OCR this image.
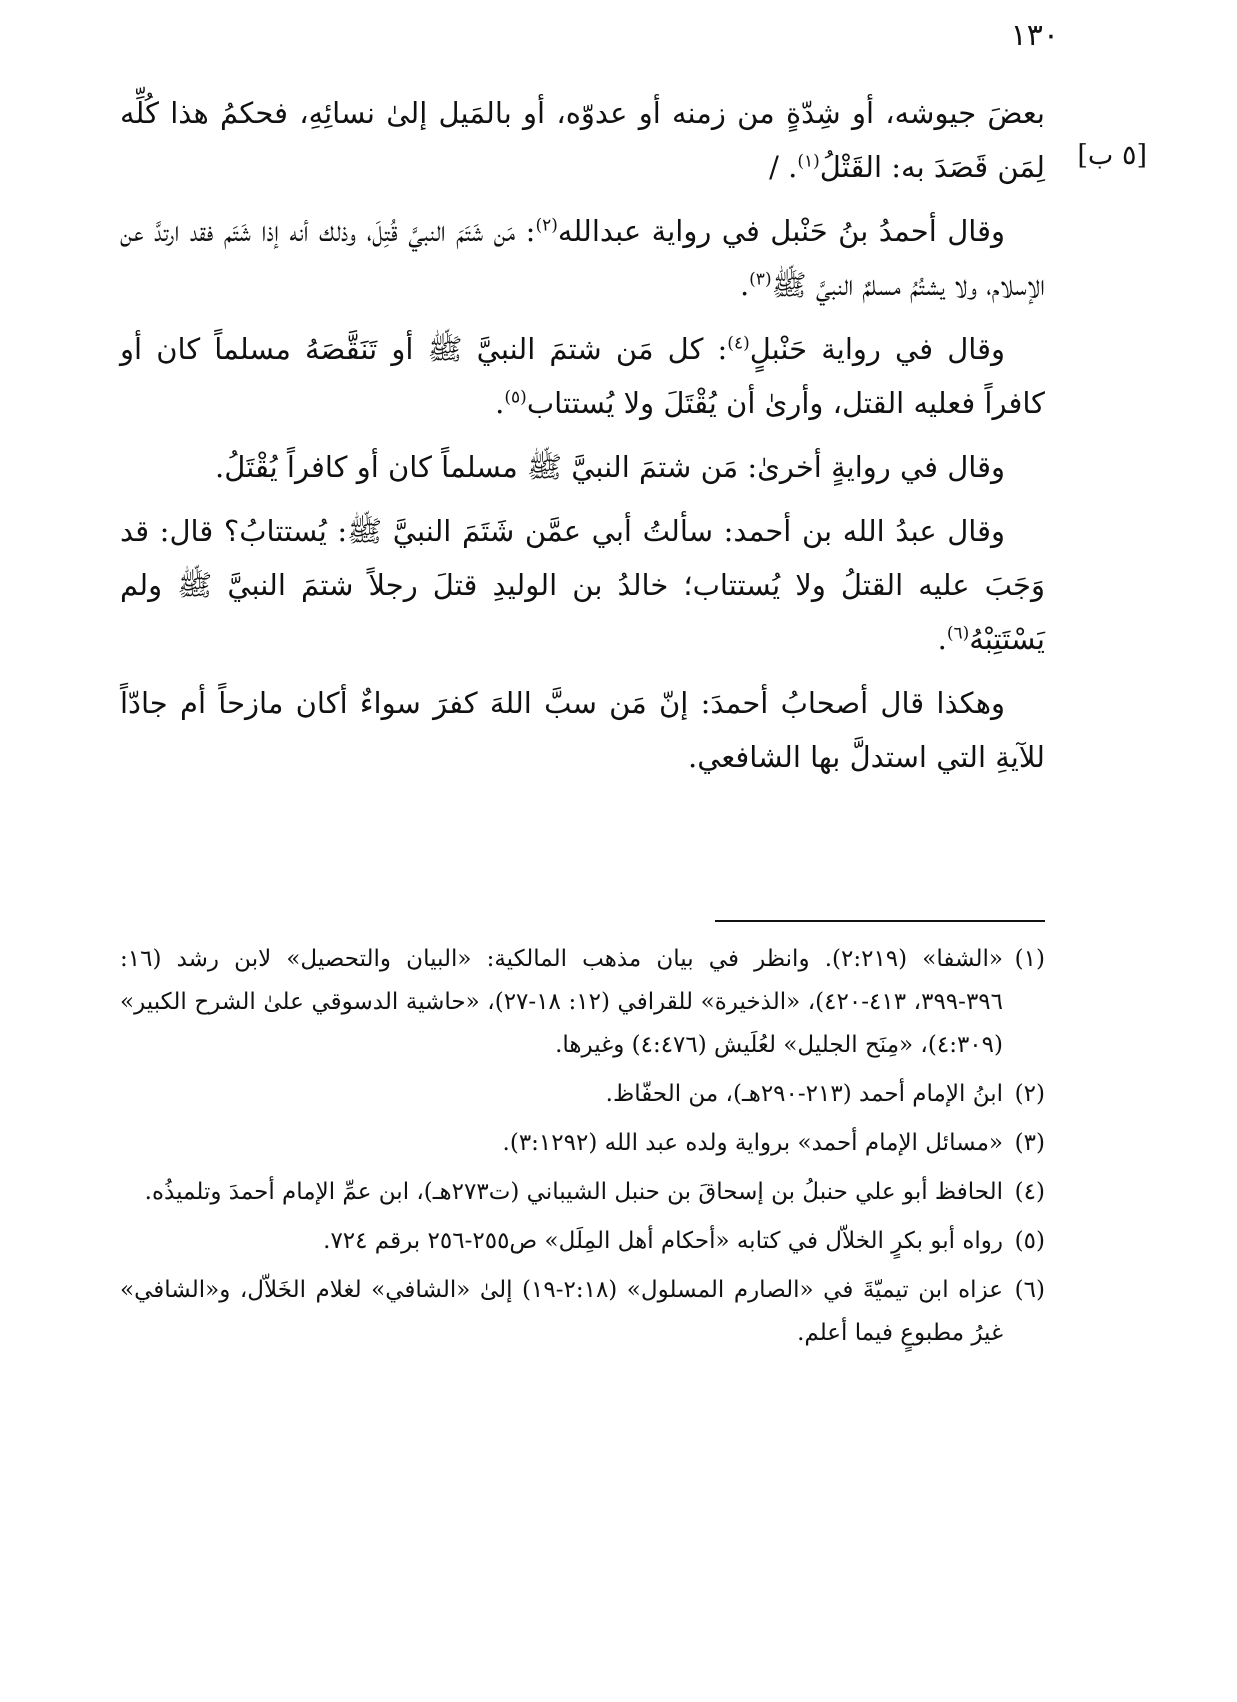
١٣٠
[٥ ب]

بعضَ جيوشه، أو شِدّةٍ من زمنه أو عدوّه، أو بالمَيل إلىٰ نسائِهِ، فحكمُ هذا كُلِّه لِمَن قَصَدَ به: القَتْلُ$^{(١)}$. /

وقال أحمدُ بنُ حَنْبل في رواية عبدالله$^{(٢)}$: مَن شَتَمَ النبيَّ قُتِلَ، وذلك أنه إذا شَتَم فقد ارتدَّ عن الإسلام، ولا يشتُمُ مسلمٌ النبيَّ ﷺ$^{(٣)}$.

وقال في رواية حَنْبلٍ$^{(٤)}$: كل مَن شتمَ النبيَّ ﷺ أو تَنَقَّصَهُ مسلماً كان أو كافراً فعليه القتل، وأرىٰ أن يُقْتَلَ ولا يُستتاب$^{(٥)}$.

وقال في روايةٍ أخرىٰ: مَن شتمَ النبيَّ ﷺ مسلماً كان أو كافراً يُقْتَلُ.

وقال عبدُ الله بن أحمد: سألتُ أبي عمَّن شَتَمَ النبيَّ ﷺ: يُستتابُ؟ قال: قد وَجَبَ عليه القتلُ ولا يُستتاب؛ خالدُ بن الوليدِ قتلَ رجلاً شتمَ النبيَّ ﷺ ولم يَسْتَتِبْهُ$^{(٦)}$.

وهكذا قال أصحابُ أحمدَ: إنّ مَن سبَّ اللهَ كفرَ سواءٌ أكان مازحاً أم جادّاً للآيةِ التي استدلَّ بها الشافعي.

(١)«الشفا» (٢:٢١٩). وانظر في بيان مذهب المالكية: «البيان والتحصيل» لابن رشد (١٦: ٣٩٦-٣٩٩، ٤١٣-٤٢٠)، «الذخيرة» للقرافي (١٢: ١٨-٢٧)، «حاشية الدسوقي علىٰ الشرح الكبير» (٤:٣٠٩)، «مِنَح الجليل» لعُلَيش (٤:٤٧٦) وغيرها.
(٢)ابنُ الإمام أحمد (٢١٣-٢٩٠هـ)، من الحفّاظ.
(٣)«مسائل الإمام أحمد» برواية ولده عبد الله (٣:١٢٩٢).
(٤)الحافظ أبو علي حنبلُ بن إسحاقَ بن حنبل الشيباني (ت٢٧٣هـ)، ابن عمِّ الإمام أحمدَ وتلميذُه.
(٥)رواه أبو بكرٍ الخلاّل في كتابه «أحكام أهل المِلَل» ص٢٥٥-٢٥٦ برقم ٧٢٤.
(٦)عزاه ابن تيميّةَ في «الصارم المسلول» (٢:١٨-١٩) إلىٰ «الشافي» لغلام الخَلاّل، و«الشافي» غيرُ مطبوعٍ فيما أعلم.
